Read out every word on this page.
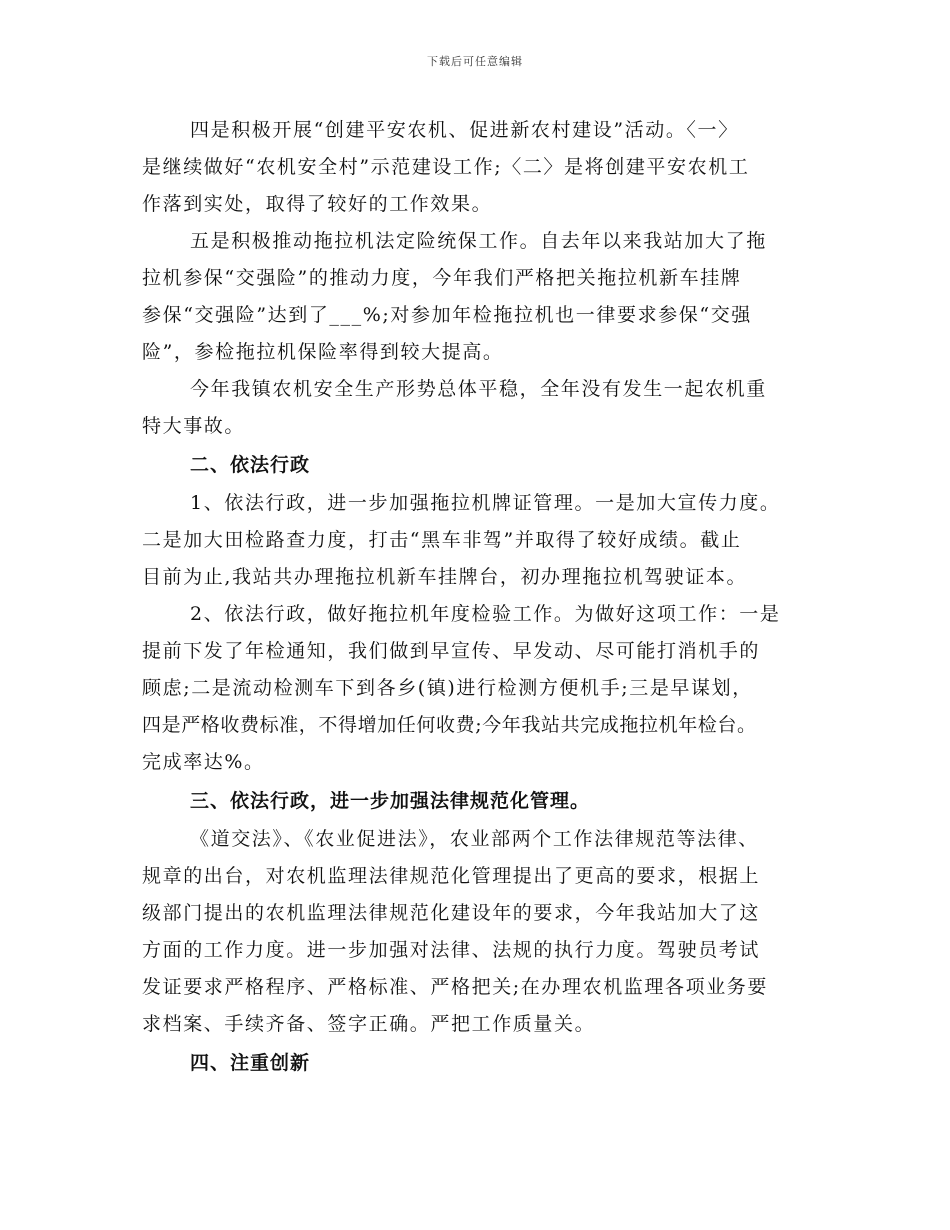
下载后可任意编辑
四是积极开展“创建平安农机、促进新农村建设”活动。〈一〉
是继续做好“农机安全村”示范建设工作;〈二〉是将创建平安农机工
作落到实处，取得了较好的工作效果。
五是积极推动拖拉机法定险统保工作。自去年以来我站加大了拖
拉机参保“交强险”的推动力度，今年我们严格把关拖拉机新车挂牌
参保“交强险”达到了___%;对参加年检拖拉机也一律要求参保“交强
险”，参检拖拉机保险率得到较大提高。
今年我镇农机安全生产形势总体平稳，全年没有发生一起农机重
特大事故。
二、依法行政
1、依法行政，进一步加强拖拉机牌证管理。一是加大宣传力度。
二是加大田检路查力度，打击“黑车非驾”并取得了较好成绩。截止
目前为止,我站共办理拖拉机新车挂牌台，初办理拖拉机驾驶证本。
2、依法行政，做好拖拉机年度检验工作。为做好这项工作：一是
提前下发了年检通知，我们做到早宣传、早发动、尽可能打消机手的
顾虑;二是流动检测车下到各乡(镇)进行检测方便机手;三是早谋划，
四是严格收费标准，不得增加任何收费;今年我站共完成拖拉机年检台。
完成率达%。
三、依法行政，进一步加强法律规范化管理。
《道交法》、《农业促进法》，农业部两个工作法律规范等法律、
规章的出台，对农机监理法律规范化管理提出了更高的要求，根据上
级部门提出的农机监理法律规范化建设年的要求，今年我站加大了这
方面的工作力度。进一步加强对法律、法规的执行力度。驾驶员考试
发证要求严格程序、严格标准、严格把关;在办理农机监理各项业务要
求档案、手续齐备、签字正确。严把工作质量关。
四、注重创新
